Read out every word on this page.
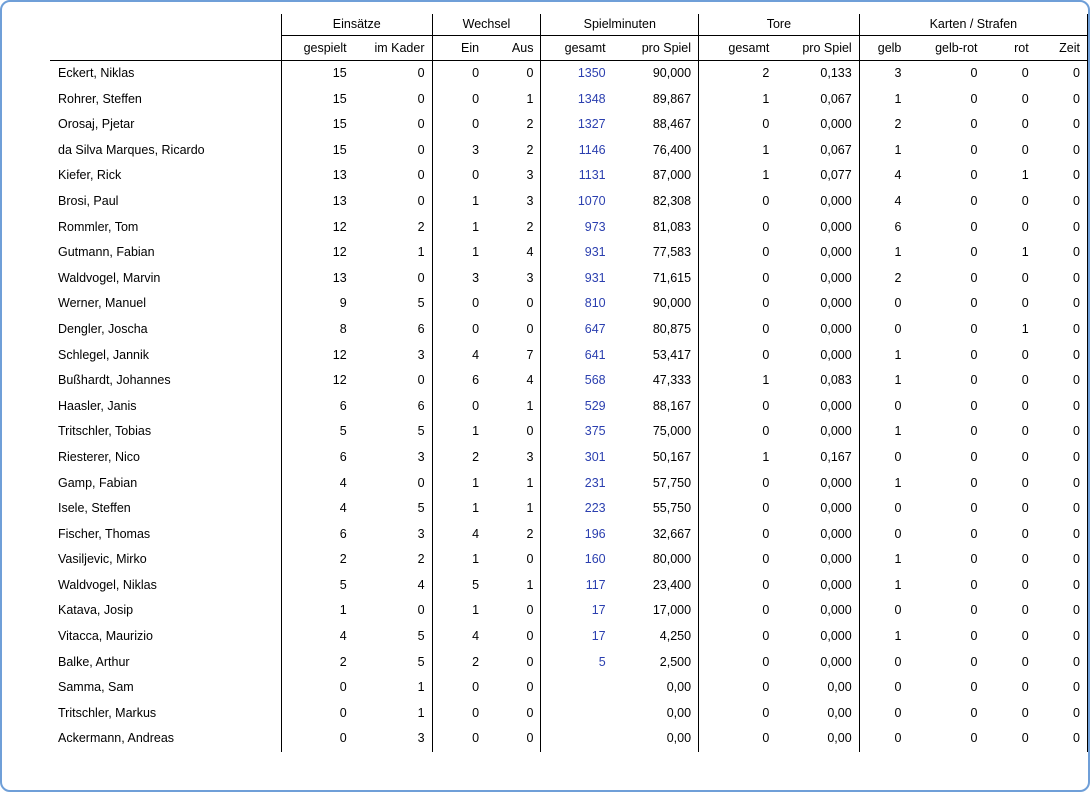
	Einsätze		Wechsel		Spielminuten		Tore		Karten / Strafen			
	gespielt	im Kader	Ein	Aus	gesamt	pro Spiel	gesamt	pro Spiel	gelb	gelb-rot	rot	Zeit
Eckert, Niklas	15	0	0	0	1350	90,000	2	0,133	3	0	0	0
Rohrer, Steffen	15	0	0	1	1348	89,867	1	0,067	1	0	0	0
Orosaj, Pjetar	15	0	0	2	1327	88,467	0	0,000	2	0	0	0
da Silva Marques, Ricardo	15	0	3	2	1146	76,400	1	0,067	1	0	0	0
Kiefer, Rick	13	0	0	3	1131	87,000	1	0,077	4	0	1	0
Brosi, Paul	13	0	1	3	1070	82,308	0	0,000	4	0	0	0
Rommler, Tom	12	2	1	2	973	81,083	0	0,000	6	0	0	0
Gutmann, Fabian	12	1	1	4	931	77,583	0	0,000	1	0	1	0
Waldvogel, Marvin	13	0	3	3	931	71,615	0	0,000	2	0	0	0
Werner, Manuel	9	5	0	0	810	90,000	0	0,000	0	0	0	0
Dengler, Joscha	8	6	0	0	647	80,875	0	0,000	0	0	1	0
Schlegel, Jannik	12	3	4	7	641	53,417	0	0,000	1	0	0	0
Bußhardt, Johannes	12	0	6	4	568	47,333	1	0,083	1	0	0	0
Haasler, Janis	6	6	0	1	529	88,167	0	0,000	0	0	0	0
Tritschler, Tobias	5	5	1	0	375	75,000	0	0,000	1	0	0	0
Riesterer, Nico	6	3	2	3	301	50,167	1	0,167	0	0	0	0
Gamp, Fabian	4	0	1	1	231	57,750	0	0,000	1	0	0	0
Isele, Steffen	4	5	1	1	223	55,750	0	0,000	0	0	0	0
Fischer, Thomas	6	3	4	2	196	32,667	0	0,000	0	0	0	0
Vasiljevic, Mirko	2	2	1	0	160	80,000	0	0,000	1	0	0	0
Waldvogel, Niklas	5	4	5	1	117	23,400	0	0,000	1	0	0	0
Katava, Josip	1	0	1	0	17	17,000	0	0,000	0	0	0	0
Vitacca, Maurizio	4	5	4	0	17	4,250	0	0,000	1	0	0	0
Balke, Arthur	2	5	2	0	5	2,500	0	0,000	0	0	0	0
Samma, Sam	0	1	0	0		0,00	0	0,00	0	0	0	0
Tritschler, Markus	0	1	0	0		0,00	0	0,00	0	0	0	0
Ackermann, Andreas	0	3	0	0		0,00	0	0,00	0	0	0	0
